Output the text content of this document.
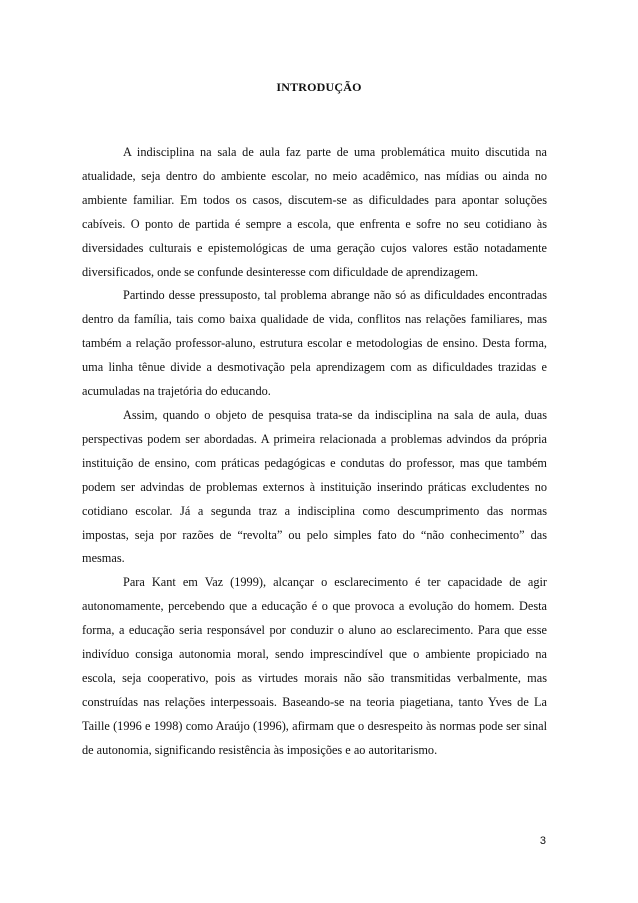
INTRODUÇÃO

A indisciplina na sala de aula faz parte de uma problemática muito discutida na atualidade, seja dentro do ambiente escolar, no meio acadêmico, nas mídias ou ainda no ambiente familiar. Em todos os casos, discutem-se as dificuldades para apontar soluções cabíveis. O ponto de partida é sempre a escola, que enfrenta e sofre no seu cotidiano às diversidades culturais e epistemológicas de uma geração cujos valores estão notadamente diversificados, onde se confunde desinteresse com dificuldade de aprendizagem.

Partindo desse pressuposto, tal problema abrange não só as dificuldades encontradas dentro da família, tais como baixa qualidade de vida, conflitos nas relações familiares, mas também a relação professor-aluno, estrutura escolar e metodologias de ensino. Desta forma, uma linha tênue divide a desmotivação pela aprendizagem com as dificuldades trazidas e acumuladas na trajetória do educando.

Assim, quando o objeto de pesquisa trata-se da indisciplina na sala de aula, duas perspectivas podem ser abordadas. A primeira relacionada a problemas advindos da própria instituição de ensino, com práticas pedagógicas e condutas do professor, mas que também podem ser advindas de problemas externos à instituição inserindo práticas excludentes no cotidiano escolar. Já a segunda traz a indisciplina como descumprimento das normas impostas, seja por razões de “revolta” ou pelo simples fato do “não conhecimento” das mesmas.

Para Kant em Vaz (1999), alcançar o esclarecimento é ter capacidade de agir autonomamente, percebendo que a educação é o que provoca a evolução do homem. Desta forma, a educação seria responsável por conduzir o aluno ao esclarecimento. Para que esse indivíduo consiga autonomia moral, sendo imprescindível que o ambiente propiciado na escola, seja cooperativo, pois as virtudes morais não são transmitidas verbalmente, mas construídas nas relações interpessoais. Baseando-se na teoria piagetiana, tanto Yves de La Taille (1996 e 1998) como Araújo (1996), afirmam que o desrespeito às normas pode ser sinal de autonomia, significando resistência às imposições e ao autoritarismo.

3
